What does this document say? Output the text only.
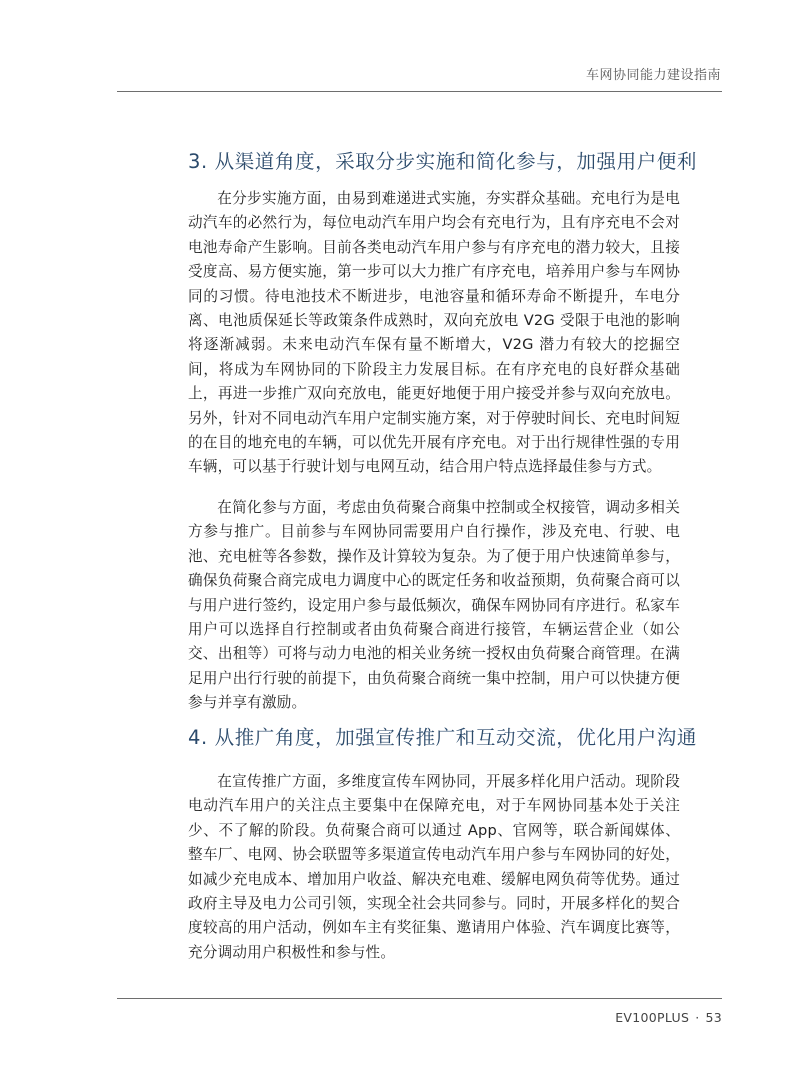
车网协同能力建设指南
3. 从渠道角度，采取分步实施和简化参与，加强用户便利

在分步实施方面，由易到难递进式实施，夯实群众基础。充电行为是电动汽车的必然行为，每位电动汽车用户均会有充电行为，且有序充电不会对电池寿命产生影响。目前各类电动汽车用户参与有序充电的潜力较大，且接受度高、易方便实施，第一步可以大力推广有序充电，培养用户参与车网协同的习惯。待电池技术不断进步，电池容量和循环寿命不断提升，车电分离、电池质保延长等政策条件成熟时，双向充放电 V2G 受限于电池的影响将逐渐减弱。未来电动汽车保有量不断增大，V2G 潜力有较大的挖掘空间，将成为车网协同的下阶段主力发展目标。在有序充电的良好群众基础上，再进一步推广双向充放电，能更好地便于用户接受并参与双向充放电。另外，针对不同电动汽车用户定制实施方案，对于停驶时间长、充电时间短的在目的地充电的车辆，可以优先开展有序充电。对于出行规律性强的专用车辆，可以基于行驶计划与电网互动，结合用户特点选择最佳参与方式。

在简化参与方面，考虑由负荷聚合商集中控制或全权接管，调动多相关方参与推广。目前参与车网协同需要用户自行操作，涉及充电、行驶、电池、充电桩等各参数，操作及计算较为复杂。为了便于用户快速简单参与，确保负荷聚合商完成电力调度中心的既定任务和收益预期，负荷聚合商可以与用户进行签约，设定用户参与最低频次，确保车网协同有序进行。私家车用户可以选择自行控制或者由负荷聚合商进行接管，车辆运营企业（如公交、出租等）可将与动力电池的相关业务统一授权由负荷聚合商管理。在满足用户出行行驶的前提下，由负荷聚合商统一集中控制，用户可以快捷方便参与并享有激励。

4. 从推广角度，加强宣传推广和互动交流，优化用户沟通

在宣传推广方面，多维度宣传车网协同，开展多样化用户活动。现阶段电动汽车用户的关注点主要集中在保障充电，对于车网协同基本处于关注少、不了解的阶段。负荷聚合商可以通过 App、官网等，联合新闻媒体、整车厂、电网、协会联盟等多渠道宣传电动汽车用户参与车网协同的好处，如减少充电成本、增加用户收益、解决充电难、缓解电网负荷等优势。通过政府主导及电力公司引领，实现全社会共同参与。同时，开展多样化的契合度较高的用户活动，例如车主有奖征集、邀请用户体验、汽车调度比赛等，充分调动用户积极性和参与性。

EV100PLUS · 53
